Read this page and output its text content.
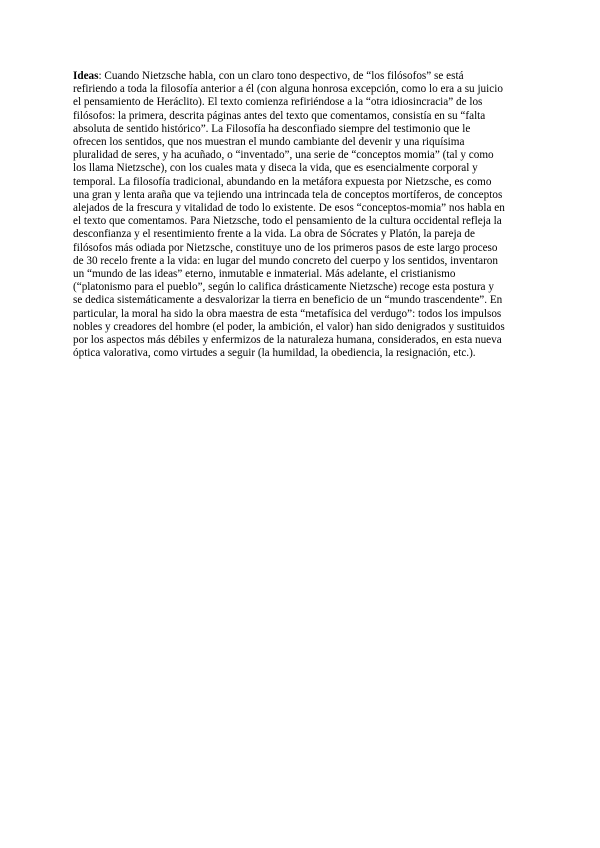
Ideas: Cuando Nietzsche habla, con un claro tono despectivo, de “los filósofos” se está refiriendo a toda la filosofía anterior a él (con alguna honrosa excepción, como lo era a su juicio el pensamiento de Heráclito). El texto comienza refiriéndose a la “otra idiosincracia” de los filósofos: la primera, descrita páginas antes del texto que comentamos, consistía en su “falta absoluta de sentido histórico”. La Filosofía ha desconfiado siempre del testimonio que le ofrecen los sentidos, que nos muestran el mundo cambiante del devenir y una riquísima pluralidad de seres, y ha acuñado, o “inventado”, una serie de “conceptos momia” (tal y como los llama Nietzsche), con los cuales mata y diseca la vida, que es esencialmente corporal y temporal. La filosofía tradicional, abundando en la metáfora expuesta por Nietzsche, es como una gran y lenta araña que va tejiendo una intrincada tela de conceptos mortíferos, de conceptos alejados de la frescura y vitalidad de todo lo existente. De esos “conceptos-momia” nos habla en el texto que comentamos. Para Nietzsche, todo el pensamiento de la cultura occidental refleja la desconfianza y el resentimiento frente a la vida. La obra de Sócrates y Platón, la pareja de filósofos más odiada por Nietzsche, constituye uno de los primeros pasos de este largo proceso de 30 recelo frente a la vida: en lugar del mundo concreto del cuerpo y los sentidos, inventaron un “mundo de las ideas” eterno, inmutable e inmaterial. Más adelante, el cristianismo (“platonismo para el pueblo”, según lo califica drásticamente Nietzsche) recoge esta postura y se dedica sistemáticamente a desvalorizar la tierra en beneficio de un “mundo trascendente”. En particular, la moral ha sido la obra maestra de esta “metafísica del verdugo”: todos los impulsos nobles y creadores del hombre (el poder, la ambición, el valor) han sido denigrados y sustituidos por los aspectos más débiles y enfermizos de la naturaleza humana, considerados, en esta nueva óptica valorativa, como virtudes a seguir (la humildad, la obediencia, la resignación, etc.).
